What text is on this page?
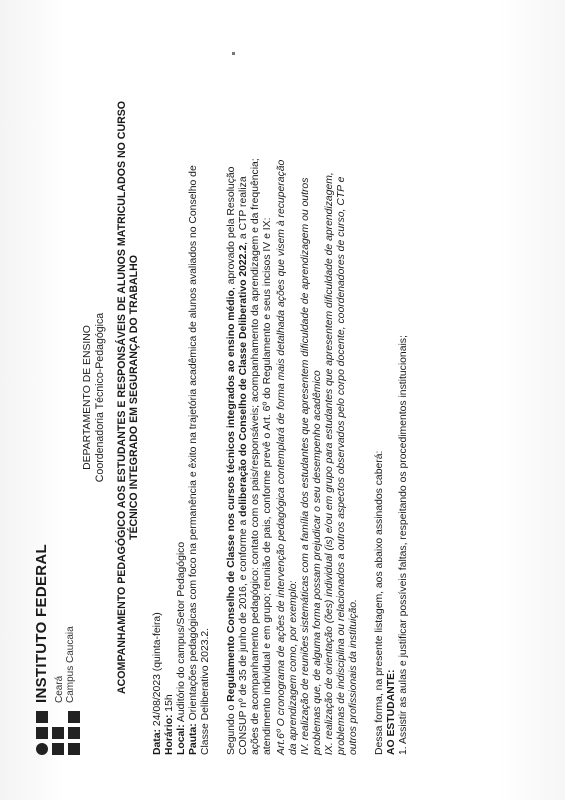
INSTITUTO FEDERAL Ceará Campus Caucaia
DEPARTAMENTO DE ENSINO Coordenadoria Técnico-Pedagógica ACOMPANHAMENTO PEDAGÓGICO AOS ESTUDANTES E RESPONSÁVEIS DE ALUNOS MATRICULADOS NO CURSO TÉCNICO INTEGRADO EM SEGURANÇA DO TRABALHO
Data: 24/08/2023 (quinta-feira)
Horário: 15h
Local: Auditório do campus/Setor Pedagógico
Pauta: Orientações pedagógicas com foco na permanência e êxito na trajetória acadêmica de alunos avaliados no Conselho de Classe Deliberativo 2023.2. Segundo o Regulamento Conselho de Classe nos cursos técnicos integrados ao ensino médio, aprovado pela Resolução
CONSUP nº de 35 de junho de 2016, e conforme a deliberação do Conselho de Classe Deliberativo 2022.2, a CTP realiza ações de acompanhamento pedagógico: contato com os pais/responsáveis; acompanhamento da aprendizagem e da frequência; atendimento individual e em grupo; reunião de pais, conforme prevê o Art. 6º do Regulamento e seus incisos IV e IX: Art.6º O cronograma de ações de intervenção pedagógica contemplará de forma mais detalhada ações que visem à recuperação da aprendizagem como, por exemplo: IV. realização de reuniões sistemáticas com a família dos estudantes que apresentem dificuldade de aprendizagem ou outros problemas que, de alguma forma possam prejudicar o seu desempenho acadêmico IX. realização de orientação (ões) individual (is) e/ou em grupo para estudantes que apresentem dificuldade de aprendizagem, problemas de indisciplina ou relacionados a outros aspectos observados pelo corpo docente, coordenadores de curso, CTP e outros profissionais da instituição. Dessa forma, na presente listagem, aos abaixo assinados caberá: AO ESTUDANTE: 1. Assistir as aulas e justificar possíveis faltas, respeitando os procedimentos institucionais;
